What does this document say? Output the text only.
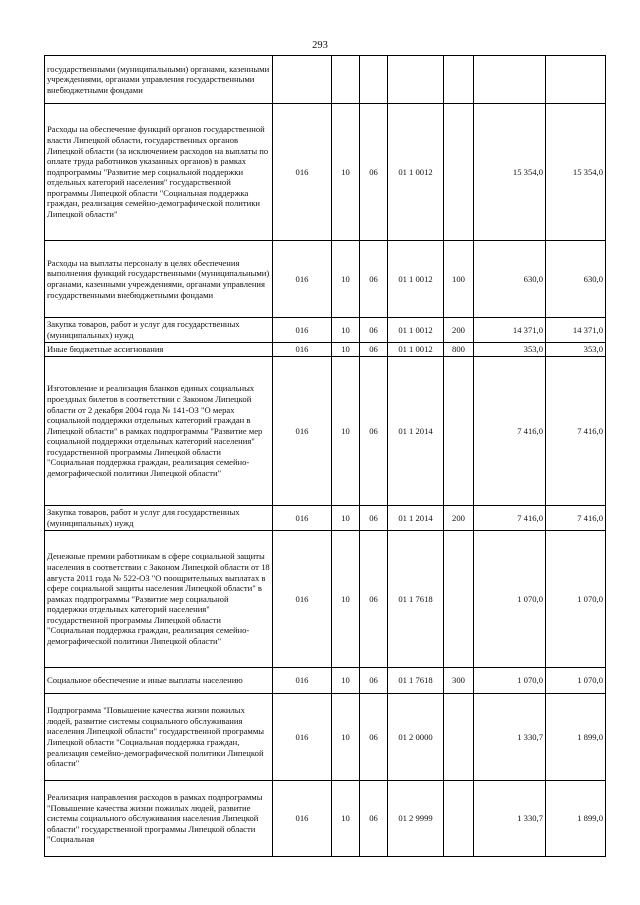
293
государственными (муниципальными) органами, казенными учреждениями, органами управления государственными внебюджетными фондами							
Расходы на обеспечение функций органов государственной власти Липецкой области, государственных органов Липецкой области (за исключением расходов на выплаты по оплате труда работников указанных органов) в рамках подпрограммы "Развитие мер социальной поддержки отдельных категорий населения" государственной программы Липецкой области "Социальная поддержка граждан, реализация семейно-демографической политики Липецкой области"	016	10	06	01 1 0012		15 354,0	15 354,0
Расходы на выплаты персоналу в целях обеспечения выполнения функций государственными (муниципальными) органами, казенными учреждениями, органами управления государственными внебюджетными фондами	016	10	06	01 1 0012	100	630,0	630,0
Закупка товаров, работ и услуг для государственных (муниципальных) нужд	016	10	06	01 1 0012	200	14 371,0	14 371,0
Иные бюджетные ассигнования	016	10	06	01 1 0012	800	353,0	353,0
Изготовление и реализация бланков единых социальных проездных билетов в соответствии с Законом Липецкой области от 2 декабря 2004 года № 141-ОЗ "О мерах социальной поддержки отдельных категорий граждан в Липецкой области" в рамках подпрограммы "Развитие мер социальной поддержки отдельных категорий населения" государственной программы Липецкой области "Социальная поддержка граждан, реализация семейно-демографической политики Липецкой области"	016	10	06	01 1 2014		7 416,0	7 416,0
Закупка товаров, работ и услуг для государственных (муниципальных) нужд	016	10	06	01 1 2014	200	7 416,0	7 416,0
Денежные премии работникам в сфере социальной защиты населения в соответствии с Законом Липецкой области от 18 августа 2011 года № 522-ОЗ "О поощрительных выплатах в сфере социальной защиты населения Липецкой области" в рамках подпрограммы "Развитие мер социальной поддержки отдельных категорий населения" государственной программы Липецкой области "Социальная поддержка граждан, реализация семейно-демографической политики Липецкой области"	016	10	06	01 1 7618		1 070,0	1 070,0
Социальное обеспечение и иные выплаты населению	016	10	06	01 1 7618	300	1 070,0	1 070,0
Подпрограмма "Повышение качества жизни пожилых людей, развитие системы социального обслуживания населения Липецкой области" государственной программы Липецкой области "Социальная поддержка граждан, реализация семейно-демографической политики Липецкой области"	016	10	06	01 2 0000		1 330,7	1 899,0
Реализация направления расходов в рамках подпрограммы "Повышение качества жизни пожилых людей, развитие системы социального обслуживания населения Липецкой области" государственной программы Липецкой области "Социальная	016	10	06	01 2 9999		1 330,7	1 899,0
